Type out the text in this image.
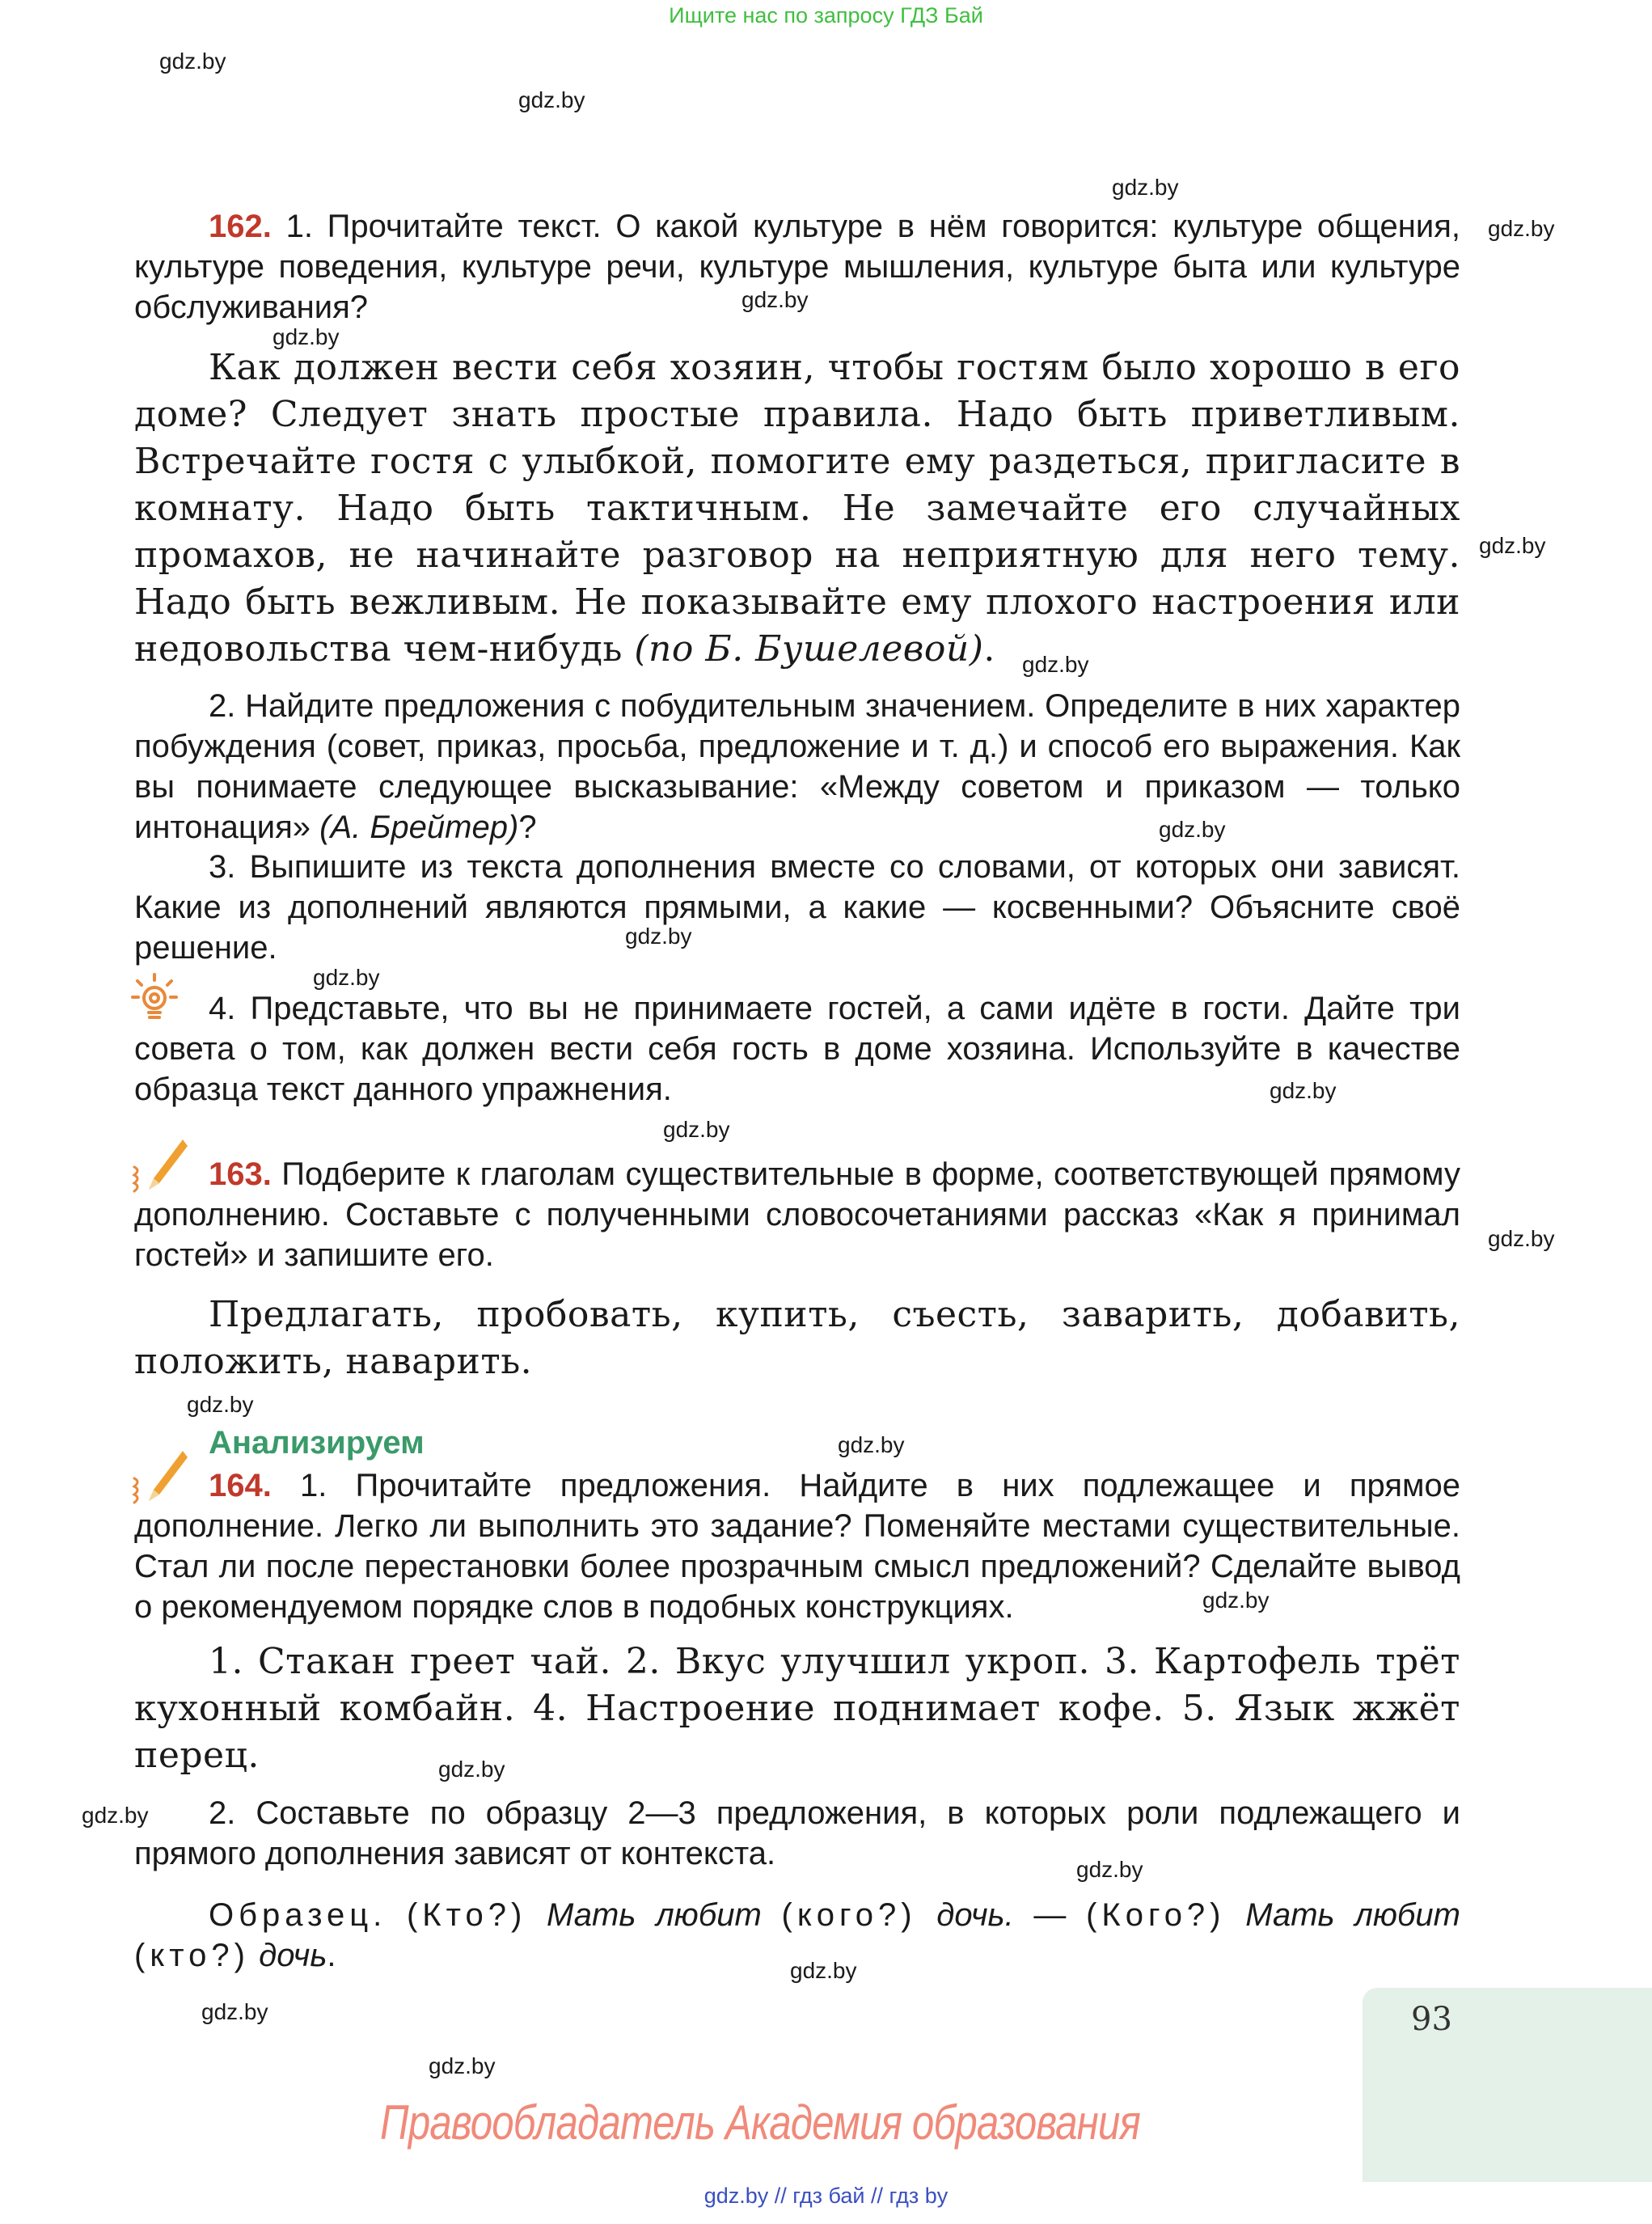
Ищите нас по запросу ГДЗ Бай
gdz.by
gdz.by
gdz.by
gdz.by
gdz.by
gdz.by
gdz.by
gdz.by
gdz.by
gdz.by
gdz.by
gdz.by
gdz.by
gdz.by
gdz.by
gdz.by
gdz.by
gdz.by
gdz.by
gdz.by
gdz.by
gdz.by
gdz.by
162. 1. Прочитайте текст. О какой культуре в нём говорится: культуре общения, культуре поведения, культуре речи, культуре мышления, культуре быта или культуре обслуживания?
Как должен вести себя хозяин, чтобы гостям было хорошо в его доме? Следует знать простые правила. Надо быть приветливым. Встречайте гостя с улыбкой, помогите ему раздеться, пригласите в комнату. Надо быть тактичным. Не замечайте его случайных промахов, не начинайте разговор на неприятную для него тему. Надо быть вежливым. Не показывайте ему плохого настроения или недовольства чем-нибудь (по Б. Бушелевой).
2. Найдите предложения с побудительным значением. Определите в них характер побуждения (совет, приказ, просьба, предложение и т. д.) и способ его выражения. Как вы понимаете следующее высказывание: «Между советом и приказом — только интонация» (А. Брейтер)?
3. Выпишите из текста дополнения вместе со словами, от которых они зависят. Какие из дополнений являются прямыми, а какие — косвенными? Объясните своё решение.
4. Представьте, что вы не принимаете гостей, а сами идёте в гости. Дайте три совета о том, как должен вести себя гость в доме хозяина. Используйте в качестве образца текст данного упражнения.
163. Подберите к глаголам существительные в форме, соответствующей прямому дополнению. Составьте с полученными словосочетаниями рассказ «Как я принимал гостей» и запишите его.
Предлагать, пробовать, купить, съесть, заварить, добавить, положить, наварить.
Анализируем
164. 1. Прочитайте предложения. Найдите в них подлежащее и прямое дополнение. Легко ли выполнить это задание? Поменяйте местами существительные. Стал ли после перестановки более прозрачным смысл предложений? Сделайте вывод о рекомендуемом порядке слов в подобных конструкциях.
1. Стакан греет чай. 2. Вкус улучшил укроп. 3. Картофель трёт кухонный комбайн. 4. Настроение поднимает кофе. 5. Язык жжёт перец.
2. Составьте по образцу 2—3 предложения, в которых роли подлежащего и прямого дополнения зависят от контекста.
Образец. (Кто?) Мать любит (кого?) дочь. — (Кого?) Мать любит (кто?) дочь.
93
Правообладатель Академия образования
gdz.by // гдз бай // гдз by
